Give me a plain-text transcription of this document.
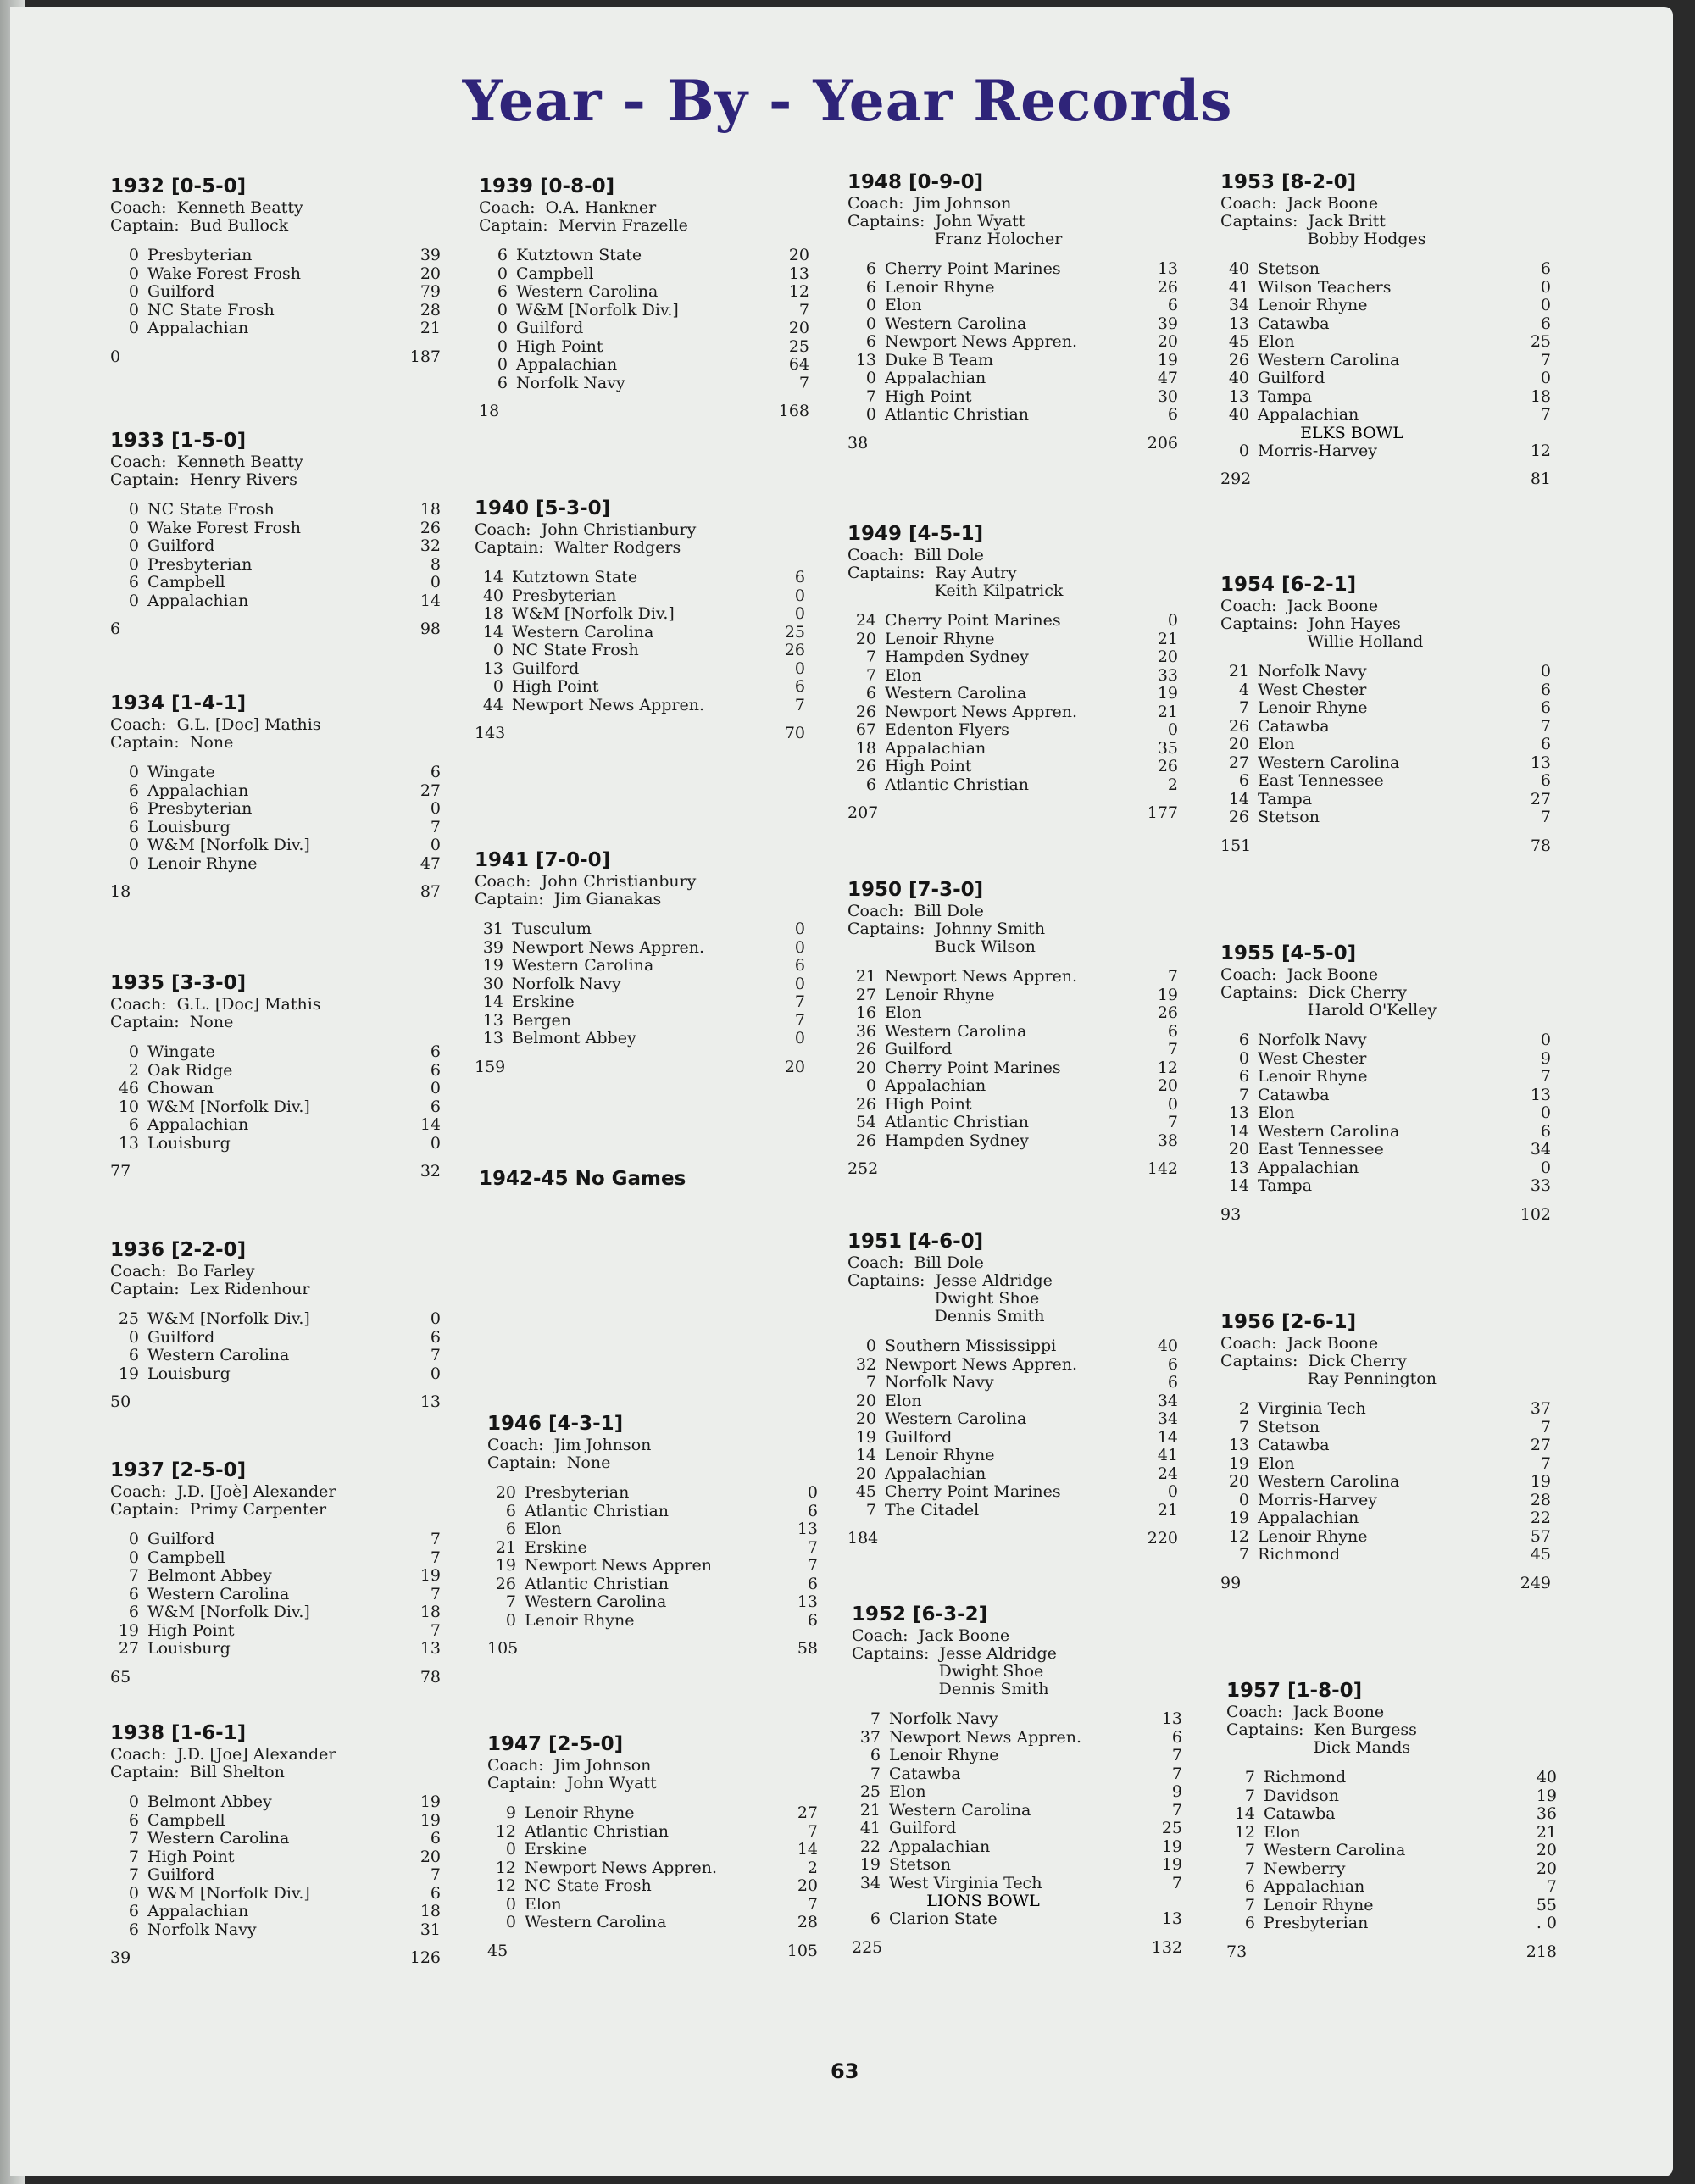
Year - By - Year Records
1932 [0-5-0]
Coach:  Kenneth Beatty
Captain:  Bud Bullock
0 Presbyterian	39
0 Wake Forest Frosh	20
0 Guilford	79
0 NC State Frosh	28
0 Appalachian	21
0	187
1933 [1-5-0]
Coach:  Kenneth Beatty
Captain:  Henry Rivers
0 NC State Frosh	18
0 Wake Forest Frosh	26
0 Guilford	32
0 Presbyterian	8
6 Campbell	0
0 Appalachian	14
6	98
1934 [1-4-1]
Coach:  G.L. [Doc] Mathis
Captain:  None
0 Wingate	6
6 Appalachian	27
6 Presbyterian	0
6 Louisburg	7
0 W&M [Norfolk Div.]	0
0 Lenoir Rhyne	47
18	87
1935 [3-3-0]
Coach:  G.L. [Doc] Mathis
Captain:  None
0 Wingate	6
2 Oak Ridge	6
46 Chowan	0
10 W&M [Norfolk Div.]	6
6 Appalachian	14
13 Louisburg	0
77	32
1936 [2-2-0]
Coach:  Bo Farley
Captain:  Lex Ridenhour
25 W&M [Norfolk Div.]	0
0 Guilford	6
6 Western Carolina	7
19 Louisburg	0
50	13
1937 [2-5-0]
Coach:  J.D. [Joè] Alexander
Captain:  Primy Carpenter
0 Guilford	7
0 Campbell	7
7 Belmont Abbey	19
6 Western Carolina	7
6 W&M [Norfolk Div.]	18
19 High Point	7
27 Louisburg	13
65	78
1938 [1-6-1]
Coach:  J.D. [Joe] Alexander
Captain:  Bill Shelton
0 Belmont Abbey	19
6 Campbell	19
7 Western Carolina	6
7 High Point	20
7 Guilford	7
0 W&M [Norfolk Div.]	6
6 Appalachian	18
6 Norfolk Navy	31
39	126
1939 [0-8-0]
Coach:  O.A. Hankner
Captain:  Mervin Frazelle
6 Kutztown State	20
0 Campbell	13
6 Western Carolina	12
0 W&M [Norfolk Div.]	7
0 Guilford	20
0 High Point	25
0 Appalachian	64
6 Norfolk Navy	7
18	168
1940 [5-3-0]
Coach:  John Christianbury
Captain:  Walter Rodgers
14 Kutztown State	6
40 Presbyterian	0
18 W&M [Norfolk Div.]	0
14 Western Carolina	25
0 NC State Frosh	26
13 Guilford	0
0 High Point	6
44 Newport News Appren.	7
143	70
1941 [7-0-0]
Coach:  John Christianbury
Captain:  Jim Gianakas
31 Tusculum	0
39 Newport News Appren.	0
19 Western Carolina	6
30 Norfolk Navy	0
14 Erskine	7
13 Bergen	7
13 Belmont Abbey	0
159	20
1946 [4-3-1]
Coach:  Jim Johnson
Captain:  None
20 Presbyterian	0
6 Atlantic Christian	6
6 Elon	13
21 Erskine	7
19 Newport News Appren	7
26 Atlantic Christian	6
7 Western Carolina	13
0 Lenoir Rhyne	6
105	58
1947 [2-5-0]
Coach:  Jim Johnson
Captain:  John Wyatt
9 Lenoir Rhyne	27
12 Atlantic Christian	7
0 Erskine	14
12 Newport News Appren.	2
12 NC State Frosh	20
0 Elon	7
0 Western Carolina	28
45	105
1948 [0-9-0]
Coach:  Jim Johnson
Captains:  John Wyatt
Franz Holocher
6 Cherry Point Marines	13
6 Lenoir Rhyne	26
0 Elon	6
0 Western Carolina	39
6 Newport News Appren.	20
13 Duke B Team	19
0 Appalachian	47
7 High Point	30
0 Atlantic Christian	6
38	206
1949 [4-5-1]
Coach:  Bill Dole
Captains:  Ray Autry
Keith Kilpatrick
24 Cherry Point Marines	0
20 Lenoir Rhyne	21
7 Hampden Sydney	20
7 Elon	33
6 Western Carolina	19
26 Newport News Appren.	21
67 Edenton Flyers	0
18 Appalachian	35
26 High Point	26
6 Atlantic Christian	2
207	177
1950 [7-3-0]
Coach:  Bill Dole
Captains:  Johnny Smith
Buck Wilson
21 Newport News Appren.	7
27 Lenoir Rhyne	19
16 Elon	26
36 Western Carolina	6
26 Guilford	7
20 Cherry Point Marines	12
0 Appalachian	20
26 High Point	0
54 Atlantic Christian	7
26 Hampden Sydney	38
252	142
1951 [4-6-0]
Coach:  Bill Dole
Captains:  Jesse Aldridge
Dwight Shoe
Dennis Smith
0 Southern Mississippi	40
32 Newport News Appren.	6
7 Norfolk Navy	6
20 Elon	34
20 Western Carolina	34
19 Guilford	14
14 Lenoir Rhyne	41
20 Appalachian	24
45 Cherry Point Marines	0
7 The Citadel	21
184	220
1952 [6-3-2]
Coach:  Jack Boone
Captains:  Jesse Aldridge
Dwight Shoe
Dennis Smith
7 Norfolk Navy	13
37 Newport News Appren.	6
6 Lenoir Rhyne	7
7 Catawba	7
25 Elon	9
21 Western Carolina	7
41 Guilford	25
22 Appalachian	19
19 Stetson	19
34 West Virginia Tech	7
LIONS BOWL
6 Clarion State	13
225	132
1953 [8-2-0]
Coach:  Jack Boone
Captains:  Jack Britt
Bobby Hodges
40 Stetson	6
41 Wilson Teachers	0
34 Lenoir Rhyne	0
13 Catawba	6
45 Elon	25
26 Western Carolina	7
40 Guilford	0
13 Tampa	18
40 Appalachian	7
ELKS BOWL
0 Morris-Harvey	12
292	81
1954 [6-2-1]
Coach:  Jack Boone
Captains:  John Hayes
Willie Holland
21 Norfolk Navy	0
4 West Chester	6
7 Lenoir Rhyne	6
26 Catawba	7
20 Elon	6
27 Western Carolina	13
6 East Tennessee	6
14 Tampa	27
26 Stetson	7
151	78
1955 [4-5-0]
Coach:  Jack Boone
Captains:  Dick Cherry
Harold O'Kelley
6 Norfolk Navy	0
0 West Chester	9
6 Lenoir Rhyne	7
7 Catawba	13
13 Elon	0
14 Western Carolina	6
20 East Tennessee	34
13 Appalachian	0
14 Tampa	33
93	102
1956 [2-6-1]
Coach:  Jack Boone
Captains:  Dick Cherry
Ray Pennington
2 Virginia Tech	37
7 Stetson	7
13 Catawba	27
19 Elon	7
20 Western Carolina	19
0 Morris-Harvey	28
19 Appalachian	22
12 Lenoir Rhyne	57
7 Richmond	45
99	249
1957 [1-8-0]
Coach:  Jack Boone
Captains:  Ken Burgess
Dick Mands
7 Richmond	40
7 Davidson	19
14 Catawba	36
12 Elon	21
7 Western Carolina	20
7 Newberry	20
6 Appalachian	7
7 Lenoir Rhyne	55
6 Presbyterian	. 0
73	218

1942-45 No Games

63
